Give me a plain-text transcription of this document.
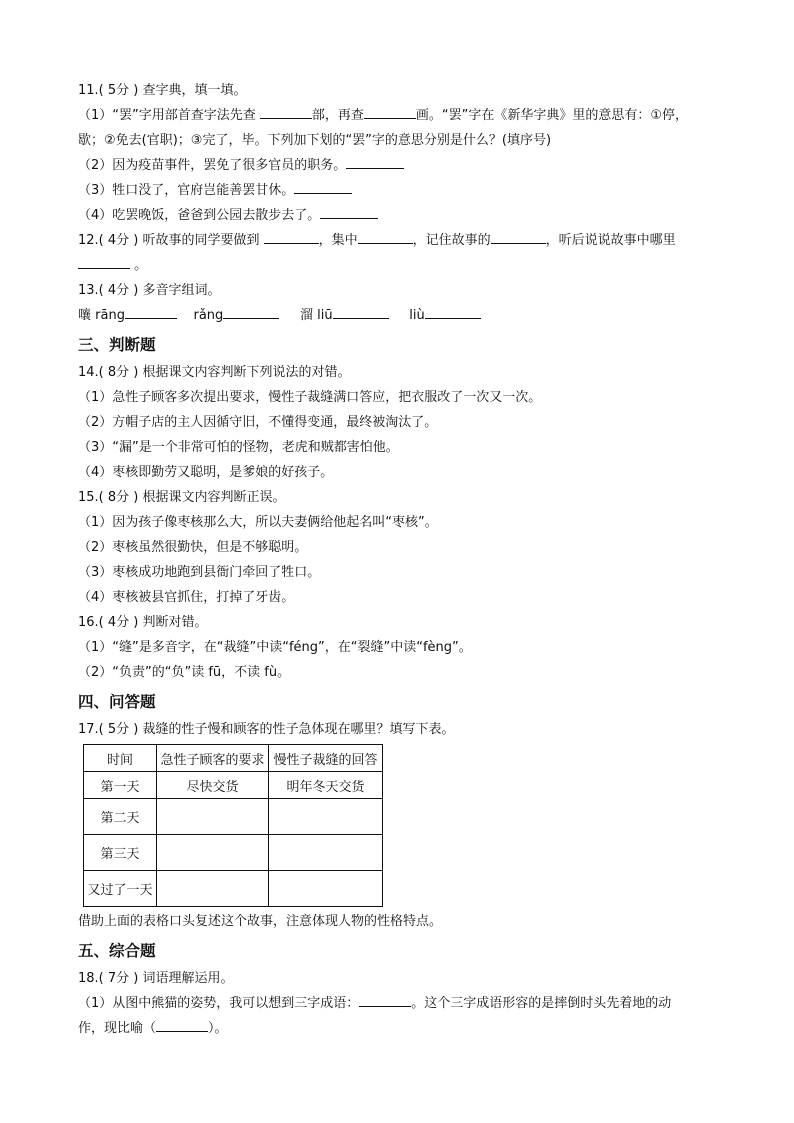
11.( 5分 ) 查字典，填一填。
（1）“罢”字用部首查字法先查	部，再查	画。“罢”字在《新华字典》里的意思有：①停，
歇；②免去(官职)；③完了，毕。下列加下划的“罢”字的意思分别是什么？(填序号)
（2）因为疫苗事件，罢免了很多官员的职务。
（3）牲口没了，官府岂能善罢甘休。
（4）吃罢晚饭，爸爸到公园去散步去了。
12.( 4分 ) 听故事的同学要做到	，集中	，记住故事的	，听后说说故事中哪里
。
13.( 4分 ) 多音字组词。
嚷 rāng	rǎng	溜 liū	liù
三、判断题
14.( 8分 ) 根据课文内容判断下列说法的对错。
（1）急性子顾客多次提出要求，慢性子裁缝满口答应，把衣服改了一次又一次。
（2）方帽子店的主人因循守旧，不懂得变通，最终被淘汰了。
（3）“漏”是一个非常可怕的怪物，老虎和贼都害怕他。
（4）枣核即勤劳又聪明，是爹娘的好孩子。
15.( 8分 ) 根据课文内容判断正误。
（1）因为孩子像枣核那么大，所以夫妻俩给他起名叫“枣核”。
（2）枣核虽然很勤快，但是不够聪明。
（3）枣核成功地跑到县衙门牵回了牲口。
（4）枣核被县官抓住，打掉了牙齿。
16.( 4分 ) 判断对错。
（1）“缝”是多音字，在“裁缝”中读“féng”，在“裂缝”中读“fèng”。
（2）“负责”的“负”读 fū，不读 fù。
四、问答题
17.( 5分 ) 裁缝的性子慢和顾客的性子急体现在哪里？填写下表。
时间	急性子顾客的要求	慢性子裁缝的回答
第一天	尽快交货	明年冬天交货
第二天		
第三天		
又过了一天		
借助上面的表格口头复述这个故事，注意体现人物的性格特点。
五、综合题
18.( 7分 ) 词语理解运用。
（1）从图中熊猫的姿势，我可以想到三字成语：	。这个三字成语形容的是摔倒时头先着地的动
作，现比喻（	）。
